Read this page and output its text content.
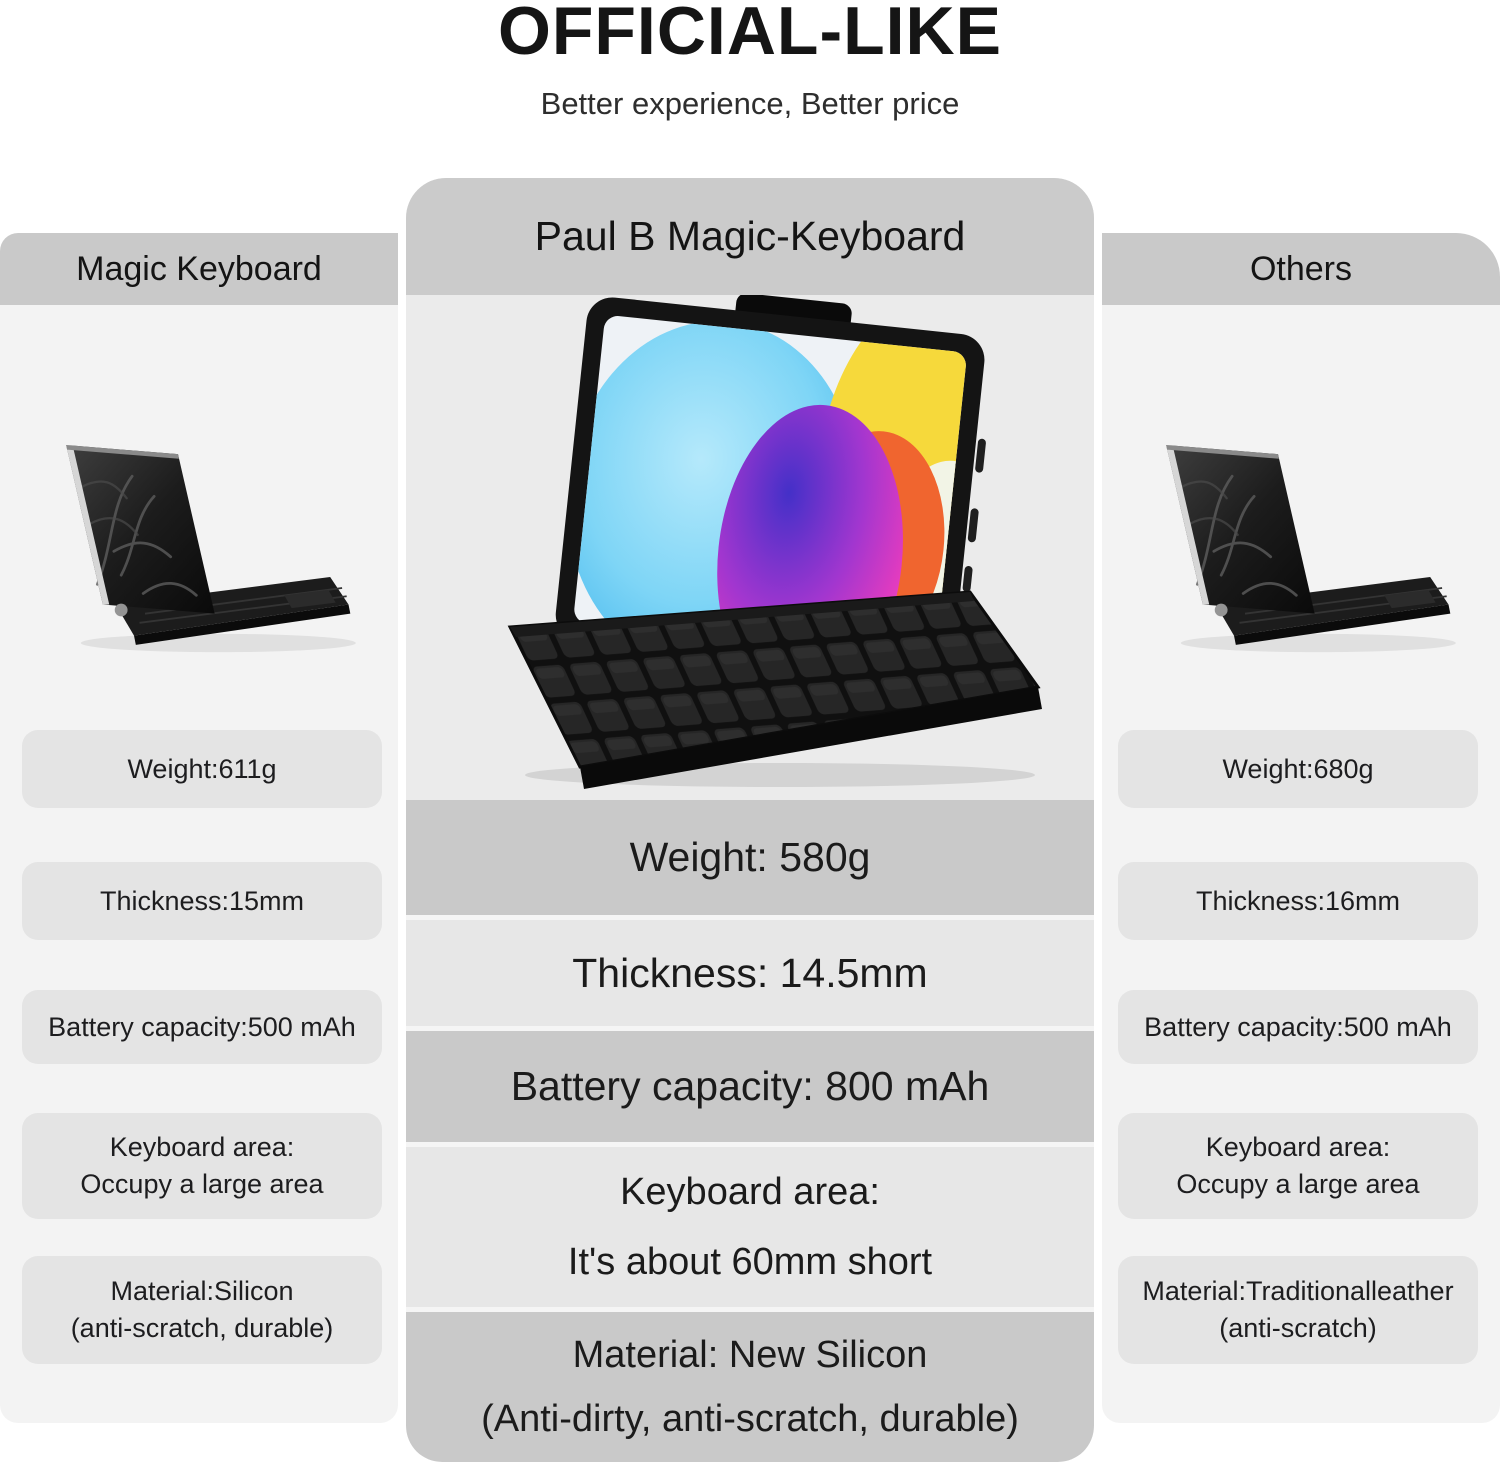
OFFICIAL-LIKE

Better experience, Better price

Magic Keyboard	Others
Weight:611g
Thickness:15mm
Battery capacity:500 mAh
Keyboard area:
Occupy a large area
Material:Silicon
(anti-scratch, durable)
Weight:680g
Thickness:16mm
Battery capacity:500 mAh
Keyboard area:
Occupy a large area
Material:Traditionalleather
(anti-scratch)
Paul B Magic-Keyboard
Weight: 580g
Thickness: 14.5mm
Battery capacity: 800 mAh
Keyboard area:
It's about 60mm short
Material: New Silicon
(Anti-dirty, anti-scratch, durable)
